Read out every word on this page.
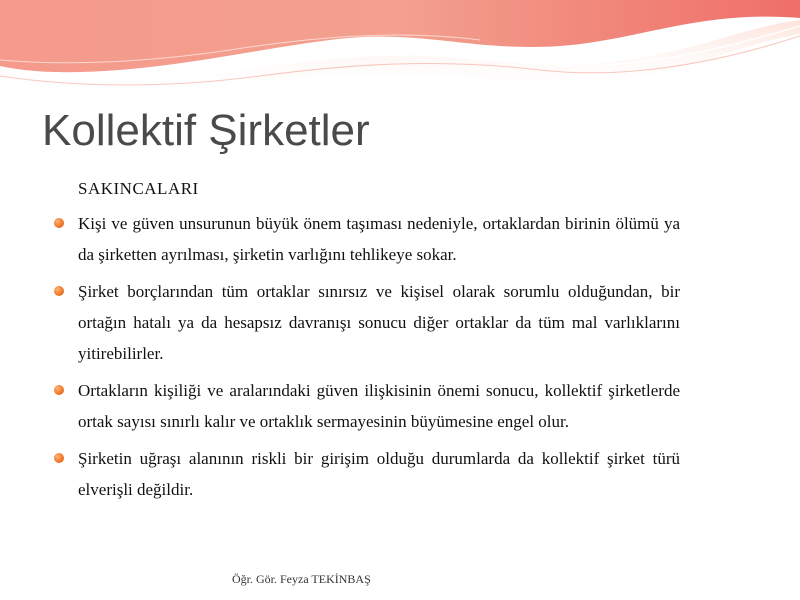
Kollektif Şirketler

SAKINCALARI

Kişi ve güven unsurunun büyük önem taşıması nedeniyle, ortaklardan birinin ölümü ya da şirketten ayrılması, şirketin varlığını tehlikeye sokar.
Şirket borçlarından tüm ortaklar sınırsız ve kişisel olarak sorumlu olduğundan, bir ortağın hatalı ya da hesapsız davranışı sonucu diğer ortaklar da tüm mal varlıklarını yitirebilirler.
Ortakların kişiliği ve aralarındaki güven ilişkisinin önemi sonucu, kollektif şirketlerde ortak sayısı sınırlı kalır ve ortaklık sermayesinin büyümesine engel olur.
Şirketin uğraşı alanının riskli bir girişim olduğu durumlarda da kollektif şirket türü elverişli değildir.
Öğr. Gör. Feyza TEKİNBAŞ
